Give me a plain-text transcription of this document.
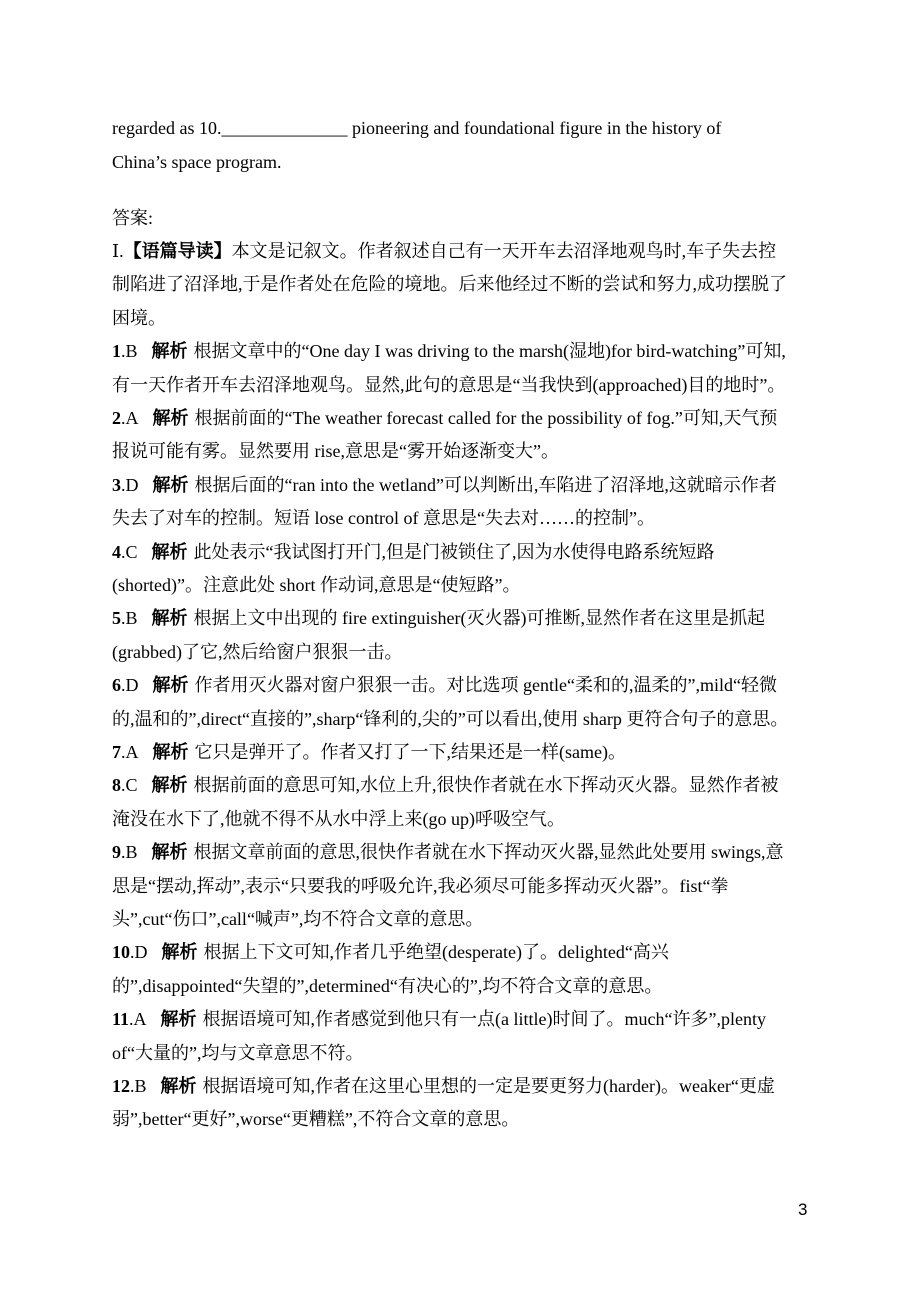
regarded as 10.______________ pioneering and foundational figure in the history of
China’s space program.
答案:
Ⅰ.【语篇导读】本文是记叙文。作者叙述自己有一天开车去沼泽地观鸟时,车子失去控
制陷进了沼泽地,于是作者处在危险的境地。后来他经过不断的尝试和努力,成功摆脱了
困境。
1.B 解析 根据文章中的“One day I was driving to the marsh(湿地)for bird-watching”可知,
有一天作者开车去沼泽地观鸟。显然,此句的意思是“当我快到(approached)目的地时”。
2.A 解析 根据前面的“The weather forecast called for the possibility of fog.”可知,天气预
报说可能有雾。显然要用 rise,意思是“雾开始逐渐变大”。
3.D 解析 根据后面的“ran into the wetland”可以判断出,车陷进了沼泽地,这就暗示作者
失去了对车的控制。短语 lose control of 意思是“失去对……的控制”。
4.C 解析 此处表示“我试图打开门,但是门被锁住了,因为水使得电路系统短路
(shorted)”。注意此处 short 作动词,意思是“使短路”。
5.B 解析 根据上文中出现的 fire extinguisher(灭火器)可推断,显然作者在这里是抓起
(grabbed)了它,然后给窗户狠狠一击。
6.D 解析 作者用灭火器对窗户狠狠一击。对比选项 gentle“柔和的,温柔的”,mild“轻微
的,温和的”,direct“直接的”,sharp“锋利的,尖的”可以看出,使用 sharp 更符合句子的意思。
7.A 解析 它只是弹开了。作者又打了一下,结果还是一样(same)。
8.C 解析 根据前面的意思可知,水位上升,很快作者就在水下挥动灭火器。显然作者被
淹没在水下了,他就不得不从水中浮上来(go up)呼吸空气。
9.B 解析 根据文章前面的意思,很快作者就在水下挥动灭火器,显然此处要用 swings,意
思是“摆动,挥动”,表示“只要我的呼吸允许,我必须尽可能多挥动灭火器”。fist“拳
头”,cut“伤口”,call“喊声”,均不符合文章的意思。
10.D 解析 根据上下文可知,作者几乎绝望(desperate)了。delighted“高兴
的”,disappointed“失望的”,determined“有决心的”,均不符合文章的意思。
11.A 解析 根据语境可知,作者感觉到他只有一点(a little)时间了。much“许多”,plenty
of“大量的”,均与文章意思不符。
12.B 解析 根据语境可知,作者在这里心里想的一定是要更努力(harder)。weaker“更虚
弱”,better“更好”,worse“更糟糕”,不符合文章的意思。
3
